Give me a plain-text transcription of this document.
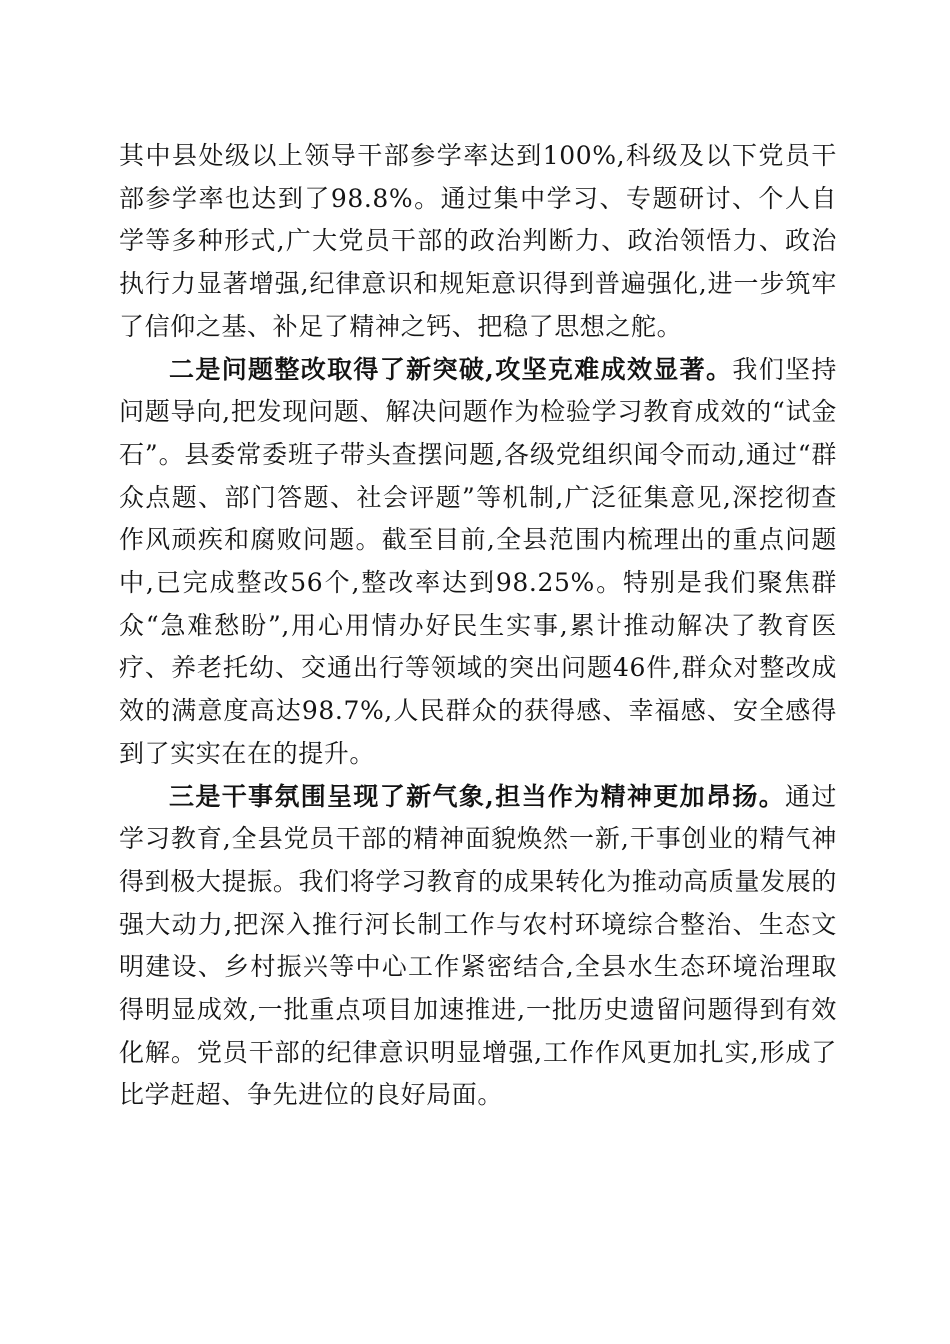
其中县处级以上领导干部参学率达到100%,科级及以下党员干部参学率也达到了98.8%。通过集中学习、专题研讨、个人自学等多种形式,广大党员干部的政治判断力、政治领悟力、政治执行力显著增强,纪律意识和规矩意识得到普遍强化,进一步筑牢了信仰之基、补足了精神之钙、把稳了思想之舵。

二是问题整改取得了新突破,攻坚克难成效显著。我们坚持问题导向,把发现问题、解决问题作为检验学习教育成效的“试金石”。县委常委班子带头查摆问题,各级党组织闻令而动,通过“群众点题、部门答题、社会评题”等机制,广泛征集意见,深挖彻查作风顽疾和腐败问题。截至目前,全县范围内梳理出的重点问题中,已完成整改56个,整改率达到98.25%。特别是我们聚焦群众“急难愁盼”,用心用情办好民生实事,累计推动解决了教育医疗、养老托幼、交通出行等领域的突出问题46件,群众对整改成效的满意度高达98.7%,人民群众的获得感、幸福感、安全感得到了实实在在的提升。

三是干事氛围呈现了新气象,担当作为精神更加昂扬。通过学习教育,全县党员干部的精神面貌焕然一新,干事创业的精气神得到极大提振。我们将学习教育的成果转化为推动高质量发展的强大动力,把深入推行河长制工作与农村环境综合整治、生态文明建设、乡村振兴等中心工作紧密结合,全县水生态环境治理取得明显成效,一批重点项目加速推进,一批历史遗留问题得到有效化解。党员干部的纪律意识明显增强,工作作风更加扎实,形成了比学赶超、争先进位的良好局面。
